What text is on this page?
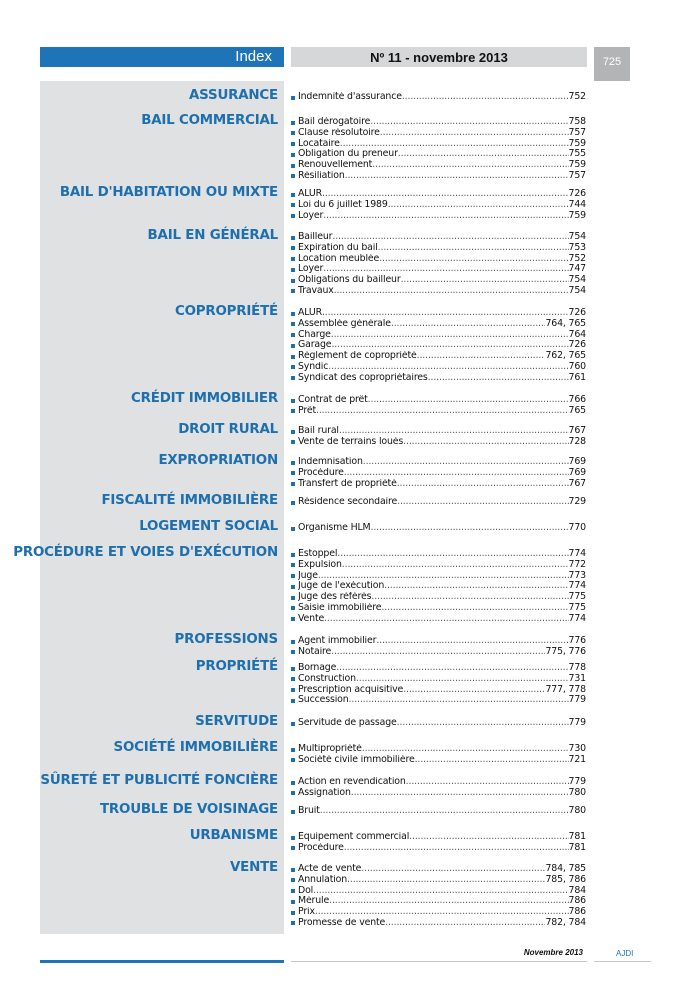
Index	Nº 11 - novembre 2013	725
ASSURANCE Indemnité d'assurance .....	752
BAIL COMMERCIAL Bail dérogatoire .....	758
Clause résolutoire .....	757
Locataire .....	759
Obligation du preneur .....	755
Renouvellement .....	759
Résiliation .....	757
BAIL D'HABITATION OU MIXTE ALUR .....	726
Loi du 6 juillet 1989 .....	744
Loyer .....	759
BAIL EN GÉNÉRAL Bailleur .....	754
Expiration du bail .....	753
Location meublée .....	752
Loyer .....	747
Obligations du bailleur .....	754
Travaux .....	754
COPROPRIÉTÉ ALUR .....	726
Assemblée générale .....	764, 765
Charge .....	764
Garage .....	726
Règlement de copropriété .....	762, 765
Syndic .....	760
Syndicat des copropriétaires .....	761
CRÉDIT IMMOBILIER Contrat de prêt .....	766
Prêt .....	765
DROIT RURAL Bail rural .....	767
Vente de terrains loués .....	728
EXPROPRIATION Indemnisation .....	769
Procédure .....	769
Transfert de propriété .....	767
FISCALITÉ IMMOBILIÈRE Résidence secondaire .....	729
LOGEMENT SOCIAL Organisme HLM .....	770
PROCÉDURE ET VOIES D'EXÉCUTION Estoppel .....	774
Expulsion .....	772
Juge .....	773
Juge de l'exécution .....	774
Juge des référés .....	775
Saisie immobilière .....	775
Vente .....	774
PROFESSIONS Agent immobilier .....	776
Notaire .....	775, 776
PROPRIÉTÉ Bornage .....	778
Construction .....	731
Prescription acquisitive .....	777, 778
Succession .....	779
SERVITUDE Servitude de passage .....	779
SOCIÉTÉ IMMOBILIÈRE Multipropriété .....	730
Société civile immobilière .....	721
SÛRETÉ ET PUBLICITÉ FONCIÈRE Action en revendication .....	779
Assignation .....	780
TROUBLE DE VOISINAGE Bruit .....	780
URBANISME Équipement commercial .....	781
Procédure .....	781
VENTE Acte de vente .....	784, 785
Annulation .....	785, 786
Dol .....	784
Mérule .....	786
Prix .....	786
Promesse de vente .....	782, 784
Novembre 2013	AJDI
